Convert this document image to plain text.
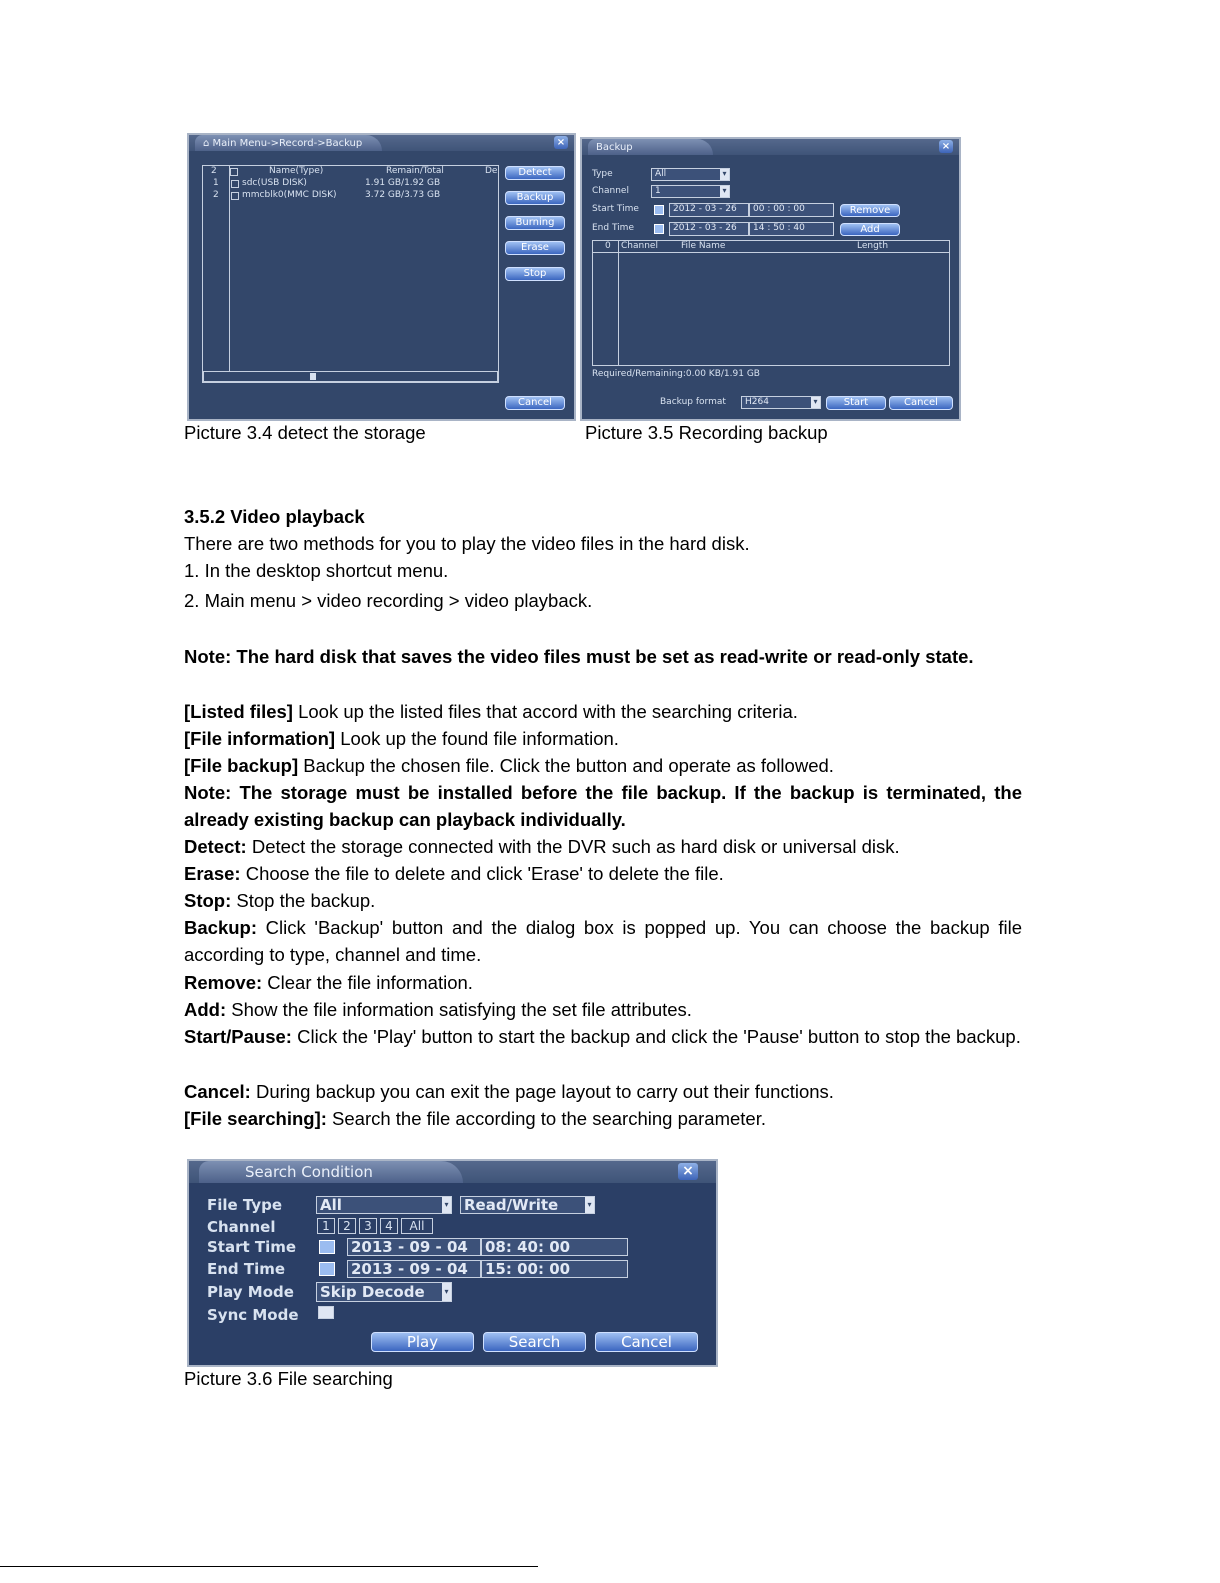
⌂ Main Menu->Record->Backup	×
2	Name(Type)	Remain/Total	De
1	sdc(USB DISK)	1.91 GB/1.92 GB
2	mmcblk0(MMC DISK)	3.72 GB/3.73 GB
Detect
Backup
Burning
Erase
Stop
Cancel
Picture 3.4 detect the storage
Backup	×
Type	All ▾
Channel	1 ▾
Start Time	2012 - 03 - 26	00 : 00 : 00	Remove
End Time	2012 - 03 - 26	14 : 50 : 40	Add
0 Channel	File Name	Length
Required/Remaining:0.00 KB/1.91 GB
Backup format	H264 ▾	Start	Cancel
Picture 3.5 Recording backup
3.5.2 Video playback
There are two methods for you to play the video files in the hard disk.
1. In the desktop shortcut menu.
2. Main menu > video recording > video playback.
Note: The hard disk that saves the video files must be set as read-write or read-only state.
[Listed files] Look up the listed files that accord with the searching criteria.
[File information] Look up the found file information.
[File backup] Backup the chosen file. Click the button and operate as followed.
Note: The storage must be installed before the file backup. If the backup is terminated, the already existing backup can playback individually.
Detect: Detect the storage connected with the DVR such as hard disk or universal disk.
Erase: Choose the file to delete and click 'Erase' to delete the file.
Stop: Stop the backup.
Backup: Click 'Backup' button and the dialog box is popped up. You can choose the backup file according to type, channel and time.
Remove: Clear the file information.
Add: Show the file information satisfying the set file attributes.
Start/Pause: Click the 'Play' button to start the backup and click the 'Pause' button to stop the backup.
Cancel: During backup you can exit the page layout to carry out their functions.
[File searching]: Search the file according to the searching parameter.
Search Condition	×
File Type	All ▾	Read/Write ▾
Channel	1	2	3	4	All
Start Time	2013 - 09 - 04	08: 40: 00
End Time	2013 - 09 - 04	15: 00: 00
Play Mode Skip Decode ▾
Sync Mode
Play	Search	Cancel
Picture 3.6 File searching
